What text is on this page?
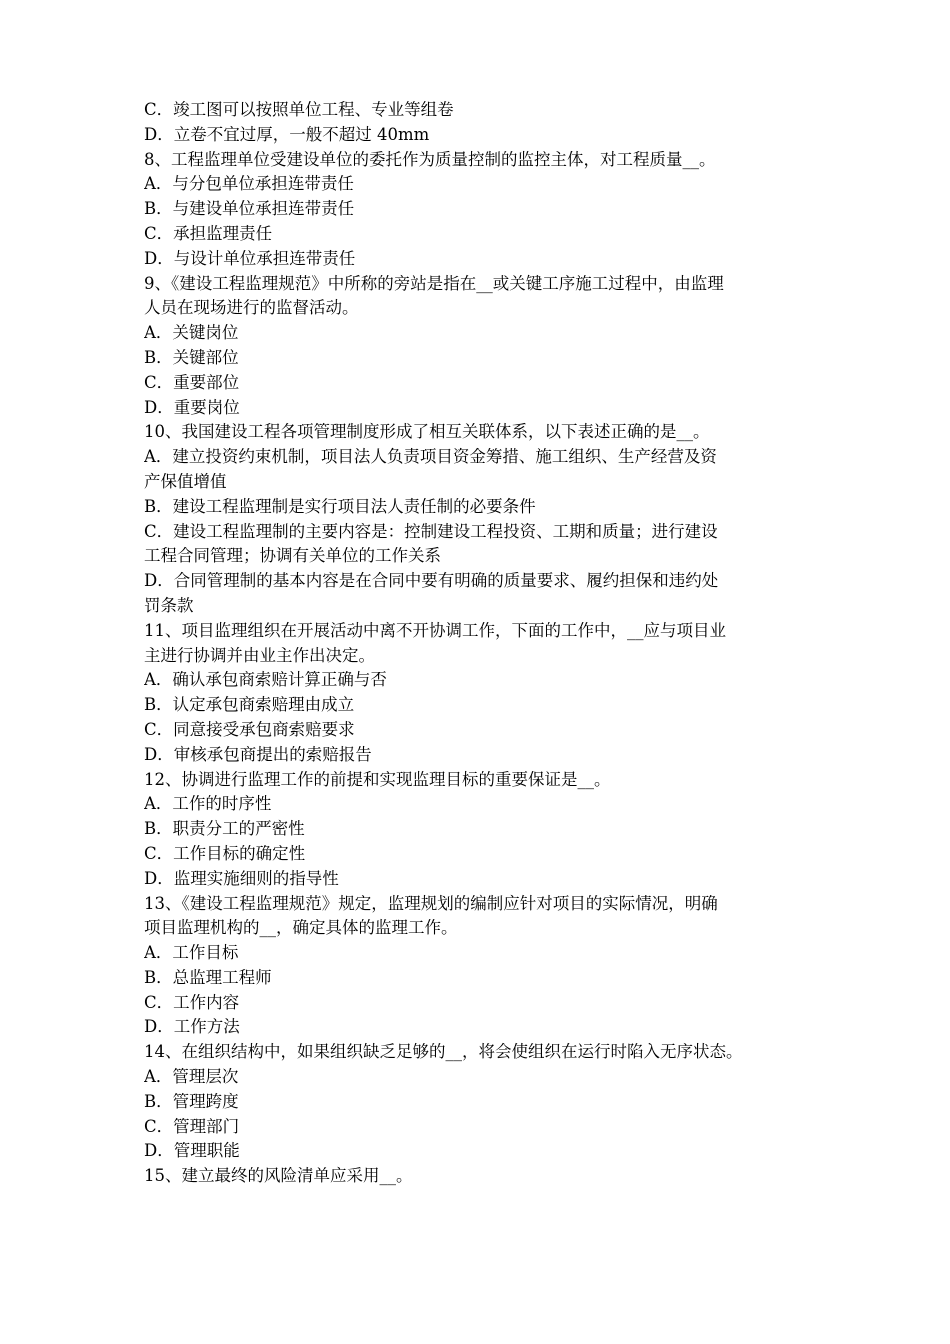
C．竣工图可以按照单位工程、专业等组卷
D．立卷不宜过厚，一般不超过 40mm
8、工程监理单位受建设单位的委托作为质量控制的监控主体，对工程质量__。
A．与分包单位承担连带责任
B．与建设单位承担连带责任
C．承担监理责任
D．与设计单位承担连带责任
9、《建设工程监理规范》中所称的旁站是指在__或关键工序施工过程中，由监理
人员在现场进行的监督活动。
A．关键岗位
B．关键部位
C．重要部位
D．重要岗位
10、我国建设工程各项管理制度形成了相互关联体系，以下表述正确的是__。
A．建立投资约束机制，项目法人负责项目资金筹措、施工组织、生产经营及资
产保值增值
B．建设工程监理制是实行项目法人责任制的必要条件
C．建设工程监理制的主要内容是：控制建设工程投资、工期和质量；进行建设
工程合同管理；协调有关单位的工作关系
D．合同管理制的基本内容是在合同中要有明确的质量要求、履约担保和违约处
罚条款
11、项目监理组织在开展活动中离不开协调工作，下面的工作中，__应与项目业
主进行协调并由业主作出决定。
A．确认承包商索赔计算正确与否
B．认定承包商索赔理由成立
C．同意接受承包商索赔要求
D．审核承包商提出的索赔报告
12、协调进行监理工作的前提和实现监理目标的重要保证是__。
A．工作的时序性
B．职责分工的严密性
C．工作目标的确定性
D．监理实施细则的指导性
13、《建设工程监理规范》规定，监理规划的编制应针对项目的实际情况，明确
项目监理机构的__，确定具体的监理工作。
A．工作目标
B．总监理工程师
C．工作内容
D．工作方法
14、在组织结构中，如果组织缺乏足够的__，将会使组织在运行时陷入无序状态。
A．管理层次
B．管理跨度
C．管理部门
D．管理职能
15、建立最终的风险清单应采用__。
